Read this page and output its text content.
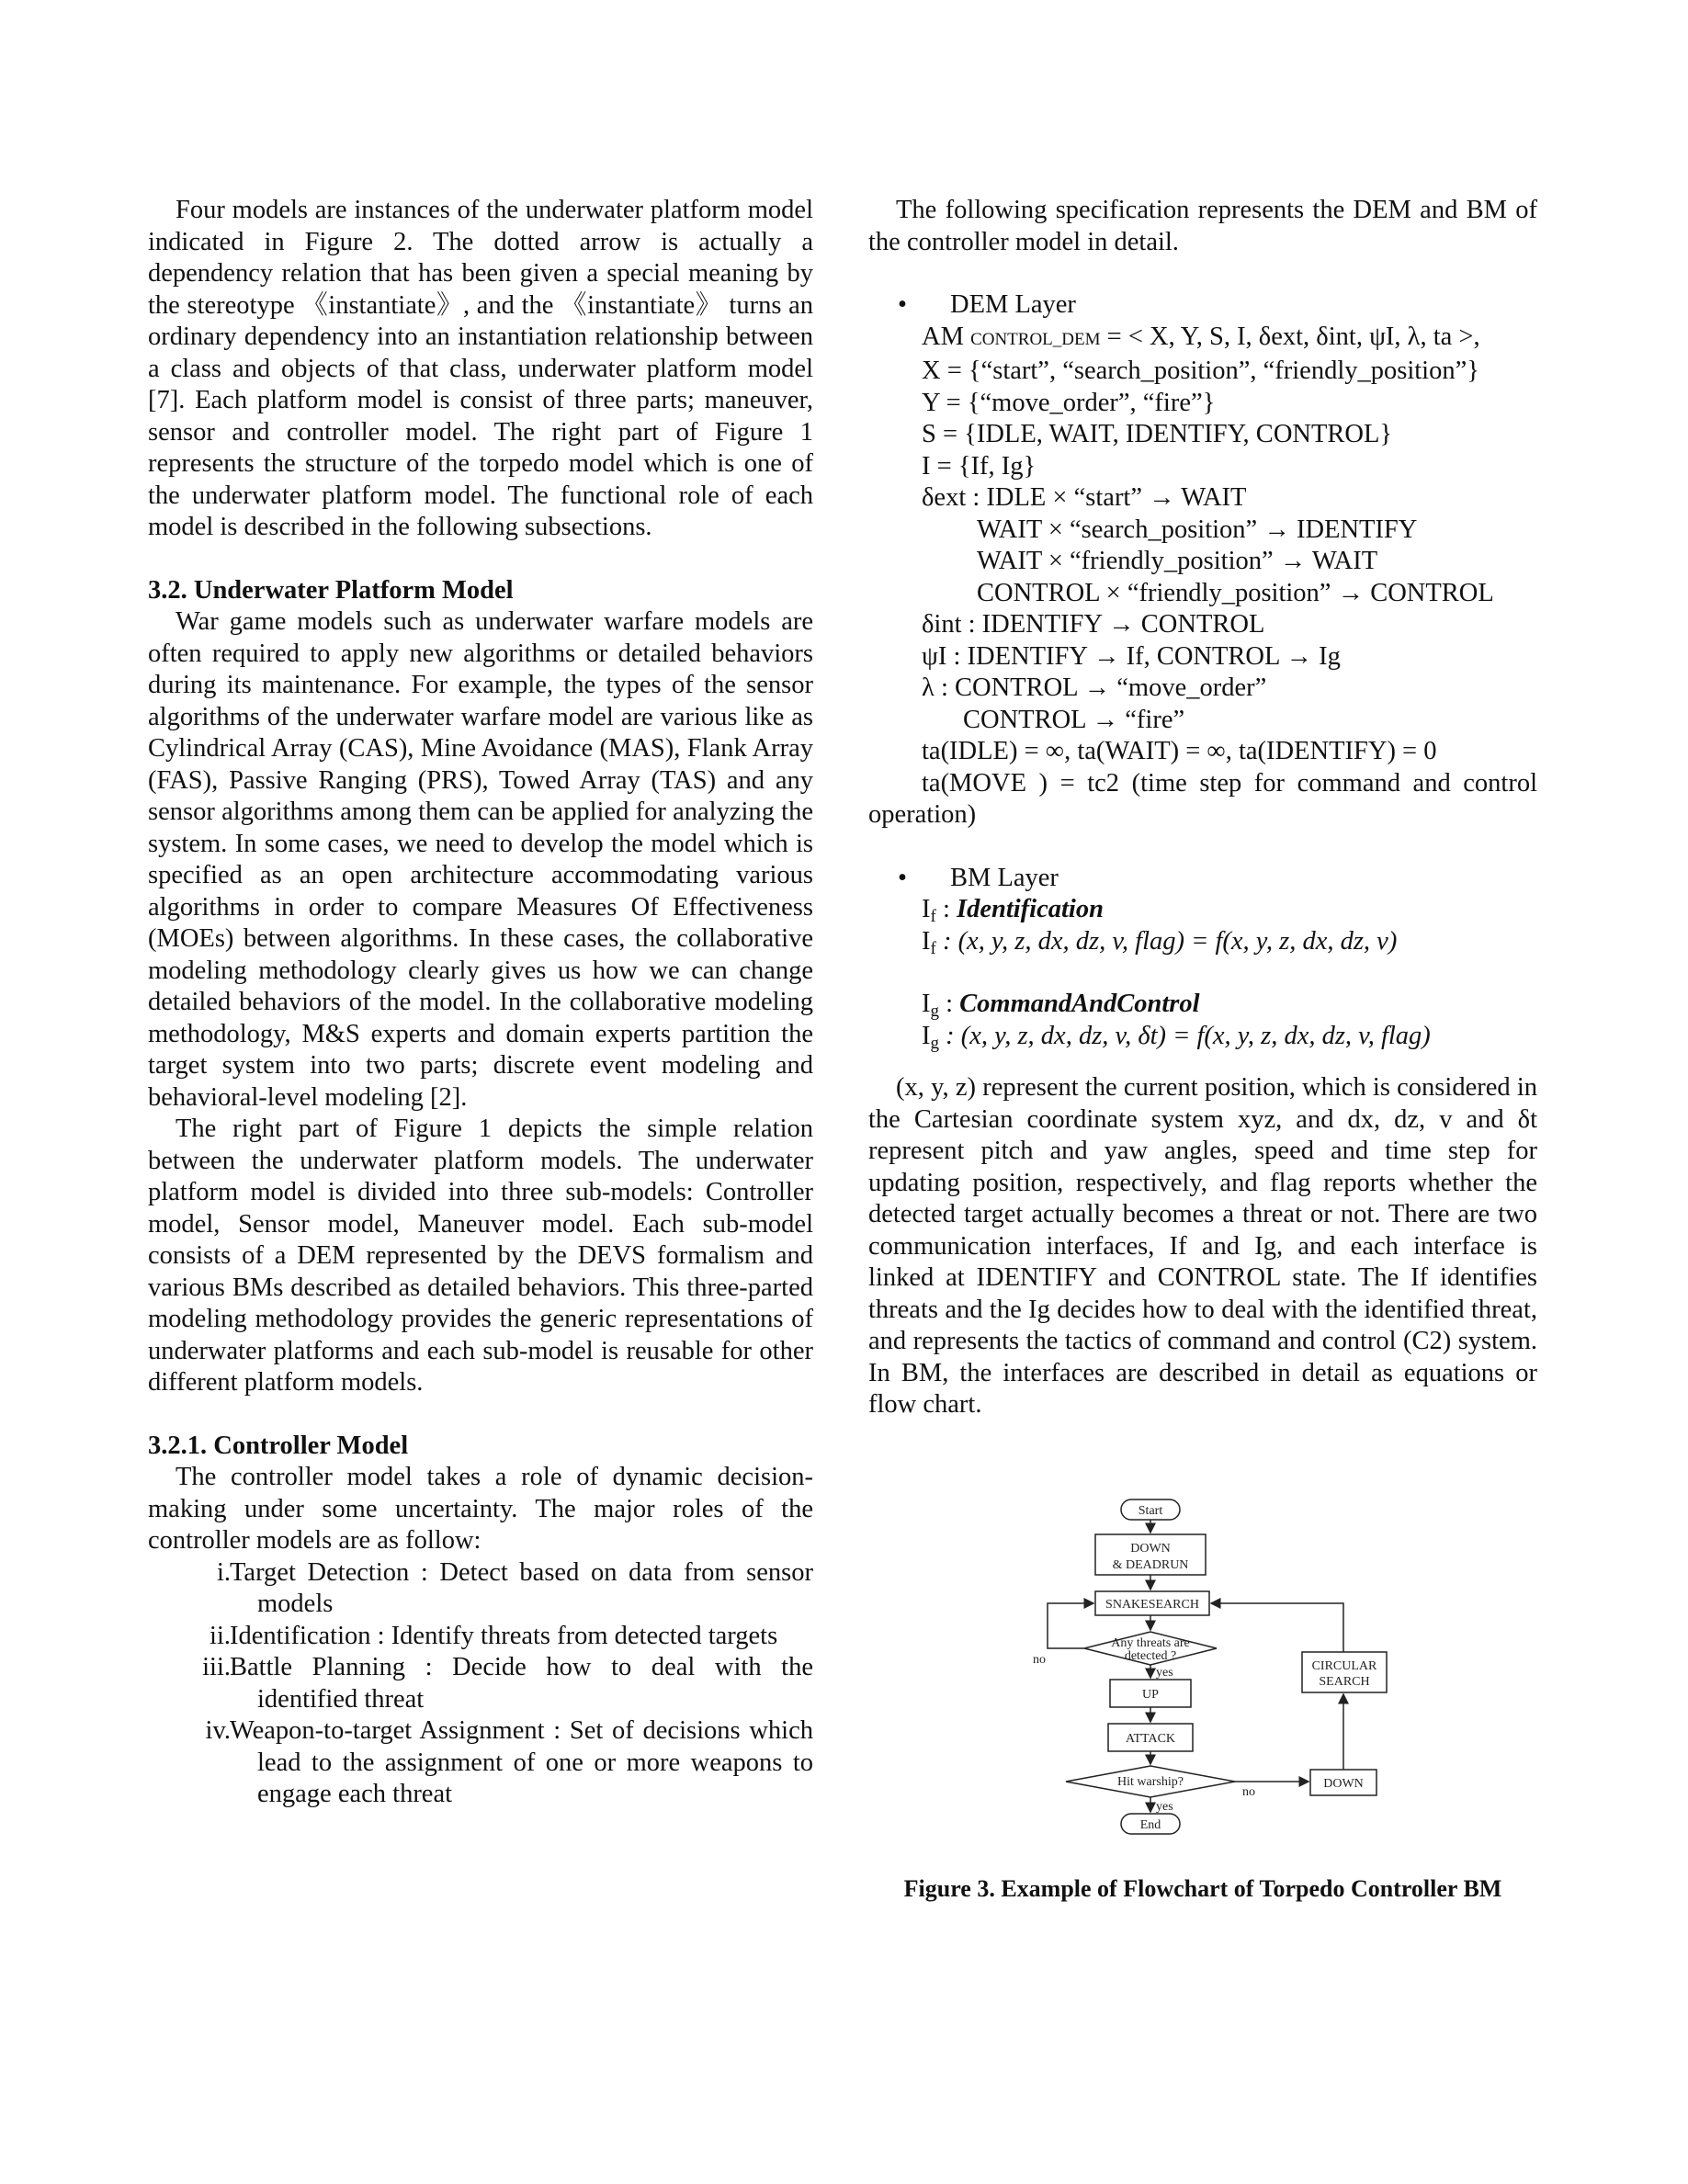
Four models are instances of the underwater platform model indicated in Figure 2. The dotted arrow is actually a dependency relation that has been given a special meaning by the stereotype 《instantiate》, and the 《instantiate》 turns an ordinary dependency into an instantiation relationship between a class and objects of that class, underwater platform model [7]. Each platform model is consist of three parts; maneuver, sensor and controller model. The right part of Figure 1 represents the structure of the torpedo model which is one of the underwater platform model. The functional role of each model is described in the following subsections.

3.2. Underwater Platform Model

War game models such as underwater warfare models are often required to apply new algorithms or detailed behaviors during its maintenance. For example, the types of the sensor algorithms of the underwater warfare model are various like as Cylindrical Array (CAS), Mine Avoidance (MAS), Flank Array (FAS), Passive Ranging (PRS), Towed Array (TAS) and any sensor algorithms among them can be applied for analyzing the system. In some cases, we need to develop the model which is specified as an open architecture accommodating various algorithms in order to compare Measures Of Effectiveness (MOEs) between algorithms. In these cases, the collaborative modeling methodology clearly gives us how we can change detailed behaviors of the model. In the collaborative modeling methodology, M&S experts and domain experts partition the target system into two parts; discrete event modeling and behavioral-level modeling [2].

The right part of Figure 1 depicts the simple relation between the underwater platform models. The underwater platform model is divided into three sub-models: Controller model, Sensor model, Maneuver model. Each sub-model consists of a DEM represented by the DEVS formalism and various BMs described as detailed behaviors. This three-parted modeling methodology provides the generic representations of underwater platforms and each sub-model is reusable for other different platform models.

3.2.1. Controller Model

The controller model takes a role of dynamic decision-making under some uncertainty. The major roles of the controller models are as follow:

i. Target Detection : Detect based on data from sensor models
ii. Identification : Identify threats from detected targets
iii. Battle Planning : Decide how to deal with the identified threat
iv. Weapon-to-target Assignment : Set of decisions which lead to the assignment of one or more weapons to engage each threat

The following specification represents the DEM and BM of the controller model in detail.

• DEM Layer
AM CONTROL_DEM = < X, Y, S, I, δext, δint, ψI, λ, ta >,
X = {“start”, “search_position”, “friendly_position”}
Y = {“move_order”, “fire”}
S = {IDLE, WAIT, IDENTIFY, CONTROL}
I = {If, Ig}
δext : IDLE × “start” → WAIT
WAIT × “search_position” → IDENTIFY
WAIT × “friendly_position” → WAIT
CONTROL × “friendly_position” → CONTROL
δint : IDENTIFY → CONTROL
ψI : IDENTIFY → If, CONTROL → Ig
λ : CONTROL → “move_order”
CONTROL → “fire”
ta(IDLE) = ∞, ta(WAIT) = ∞, ta(IDENTIFY) = 0

ta(MOVE ) = tc2 (time step for command and control operation)

• BM Layer
$I_f$ : Identification
$I_f$ : (x, y, z, dx, dz, v, flag) = f(x, y, z, dx, dz, v)
$I_g$ : CommandAndControl
$I_g$ : (x, y, z, dx, dz, v, δt) = f(x, y, z, dx, dz, v, flag)

(x, y, z) represent the current position, which is considered in the Cartesian coordinate system xyz, and dx, dz, v and δt represent pitch and yaw angles, speed and time step for updating position, respectively, and flag reports whether the detected target actually becomes a threat or not. There are two communication interfaces, If and Ig, and each interface is linked at IDENTIFY and CONTROL state. The If identifies threats and the Ig decides how to deal with the identified threat, and represents the tactics of command and control (C2) system. In BM, the interfaces are described in detail as equations or flow chart.

Start
DOWN
& DEADRUN
SNAKESEARCH
Any threats are
detected ?
no
yes
UP
ATTACK
Hit warship?
no
yes
End
DOWN
CIRCULAR
SEARCH
Figure 3. Example of Flowchart of Torpedo Controller BM
